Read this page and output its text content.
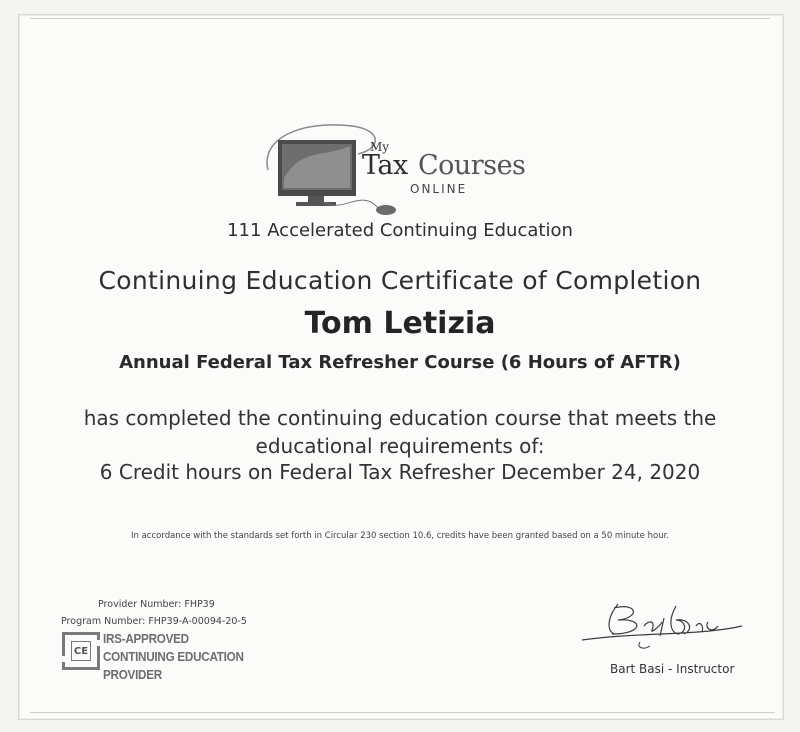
My
Tax Courses
ONLINE
111 Accelerated Continuing Education
Continuing Education Certificate of Completion
Tom Letizia
Annual Federal Tax Refresher Course (6 Hours of AFTR)
has completed the continuing education course that meets the
educational requirements of:
6 Credit hours on Federal Tax Refresher December 24, 2020
In accordance with the standards set forth in Circular 230 section 10.6, credits have been granted based on a 50 minute hour.
Provider Number: FHP39
Program Number: FHP39-A-00094-20-5
CE
IRS-APPROVED
CONTINUING EDUCATION
PROVIDER	Bart Basi - Instructor
